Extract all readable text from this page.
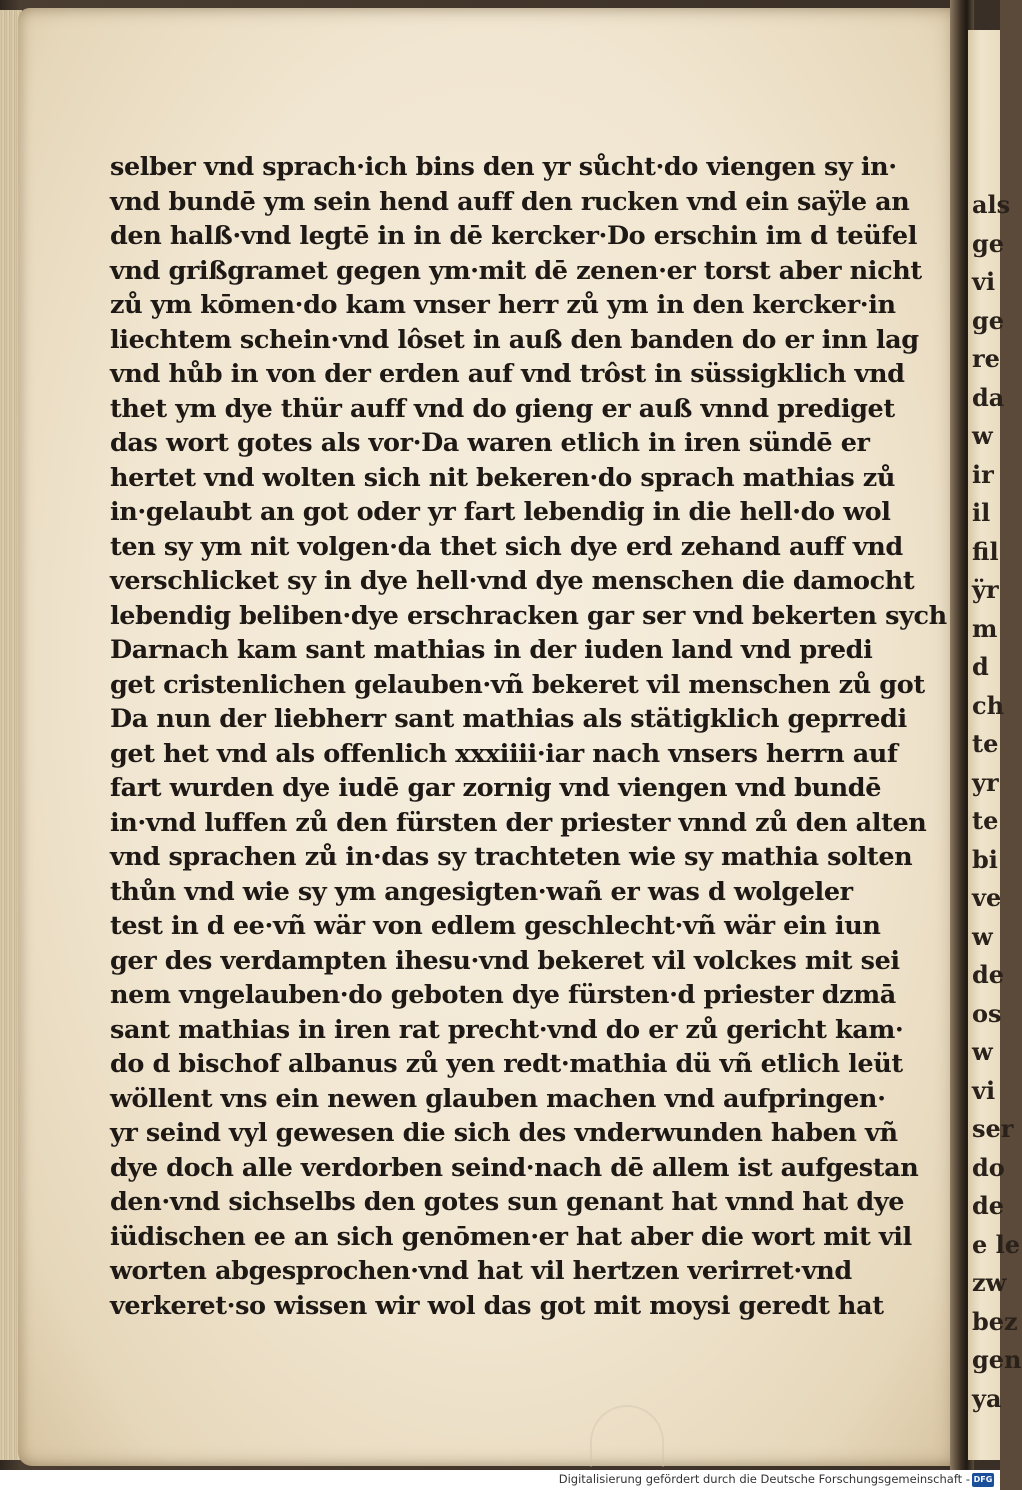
als
ge
vi
ge
re
da
w
ir
il
fil
ÿr
m
d
ch
te
yr
te
bi
ve
w
de
os
w
vi
ser
do
de
e le
zw
bez
gen
ya
selber vnd sprach·ich bins den yr sůcht·do viengen sy in·
vnd bundē ym sein hend auff den rucken vnd ein saÿle an
den halß·vnd legtē in in dē kercker·Do erschin im d teüfel
vnd grißgramet gegen ym·mit dē zenen·er torst aber nicht
zů ym kōmen·do kam vnser herr zů ym in den kercker·in
liechtem schein·vnd lôset in auß den banden do er inn lag
vnd hůb in von der erden auf vnd trôst in süssigklich vnd
thet ym dye thür auff vnd do gieng er auß vnnd prediget
das wort gotes als vor·Da waren etlich in iren sündē er
hertet vnd wolten sich nit bekeren·do sprach mathias zů
in·gelaubt an got oder yr fart lebendig in die hell·do wol
ten sy ym nit volgen·da thet sich dye erd zehand auff vnd
verschlicket sy in dye hell·vnd dye menschen die damocht
lebendig beliben·dye erschracken gar ser vnd bekerten sych
Darnach kam sant mathias in der iuden land vnd predi
get cristenlichen gelauben·vñ bekeret vil menschen zů got
Da nun der liebherr sant mathias als stätigklich geprredi
get het vnd als offenlich xxxiiii·iar nach vnsers herrn auf
fart wurden dye iudē gar zornig vnd viengen vnd bundē
in·vnd luffen zů den fürsten der priester vnnd zů den alten
vnd sprachen zů in·das sy trachteten wie sy mathia solten
thůn vnd wie sy ym angesigten·wañ er was d wolgeler
test in d ee·vñ wär von edlem geschlecht·vñ wär ein iun
ger des verdampten ihesu·vnd bekeret vil volckes mit sei
nem vngelauben·do geboten dye fürsten·d priester dzmā
sant mathias in iren rat precht·vnd do er zů gericht kam·
do d bischof albanus zů yen redt·mathia dü vñ etlich leüt
wöllent vns ein newen glauben machen vnd aufpringen·
yr seind vyl gewesen die sich des vnderwunden haben vñ
dye doch alle verdorben seind·nach dē allem ist aufgestan
den·vnd sichselbs den gotes sun genant hat vnnd hat dye
iüdischen ee an sich genōmen·er hat aber die wort mit vil
worten abgesprochen·vnd hat vil hertzen verirret·vnd
verkeret·so wissen wir wol das got mit moysi geredt hat
Digitalisierung gefördert durch die Deutsche Forschungsgemeinschaft - DFG
